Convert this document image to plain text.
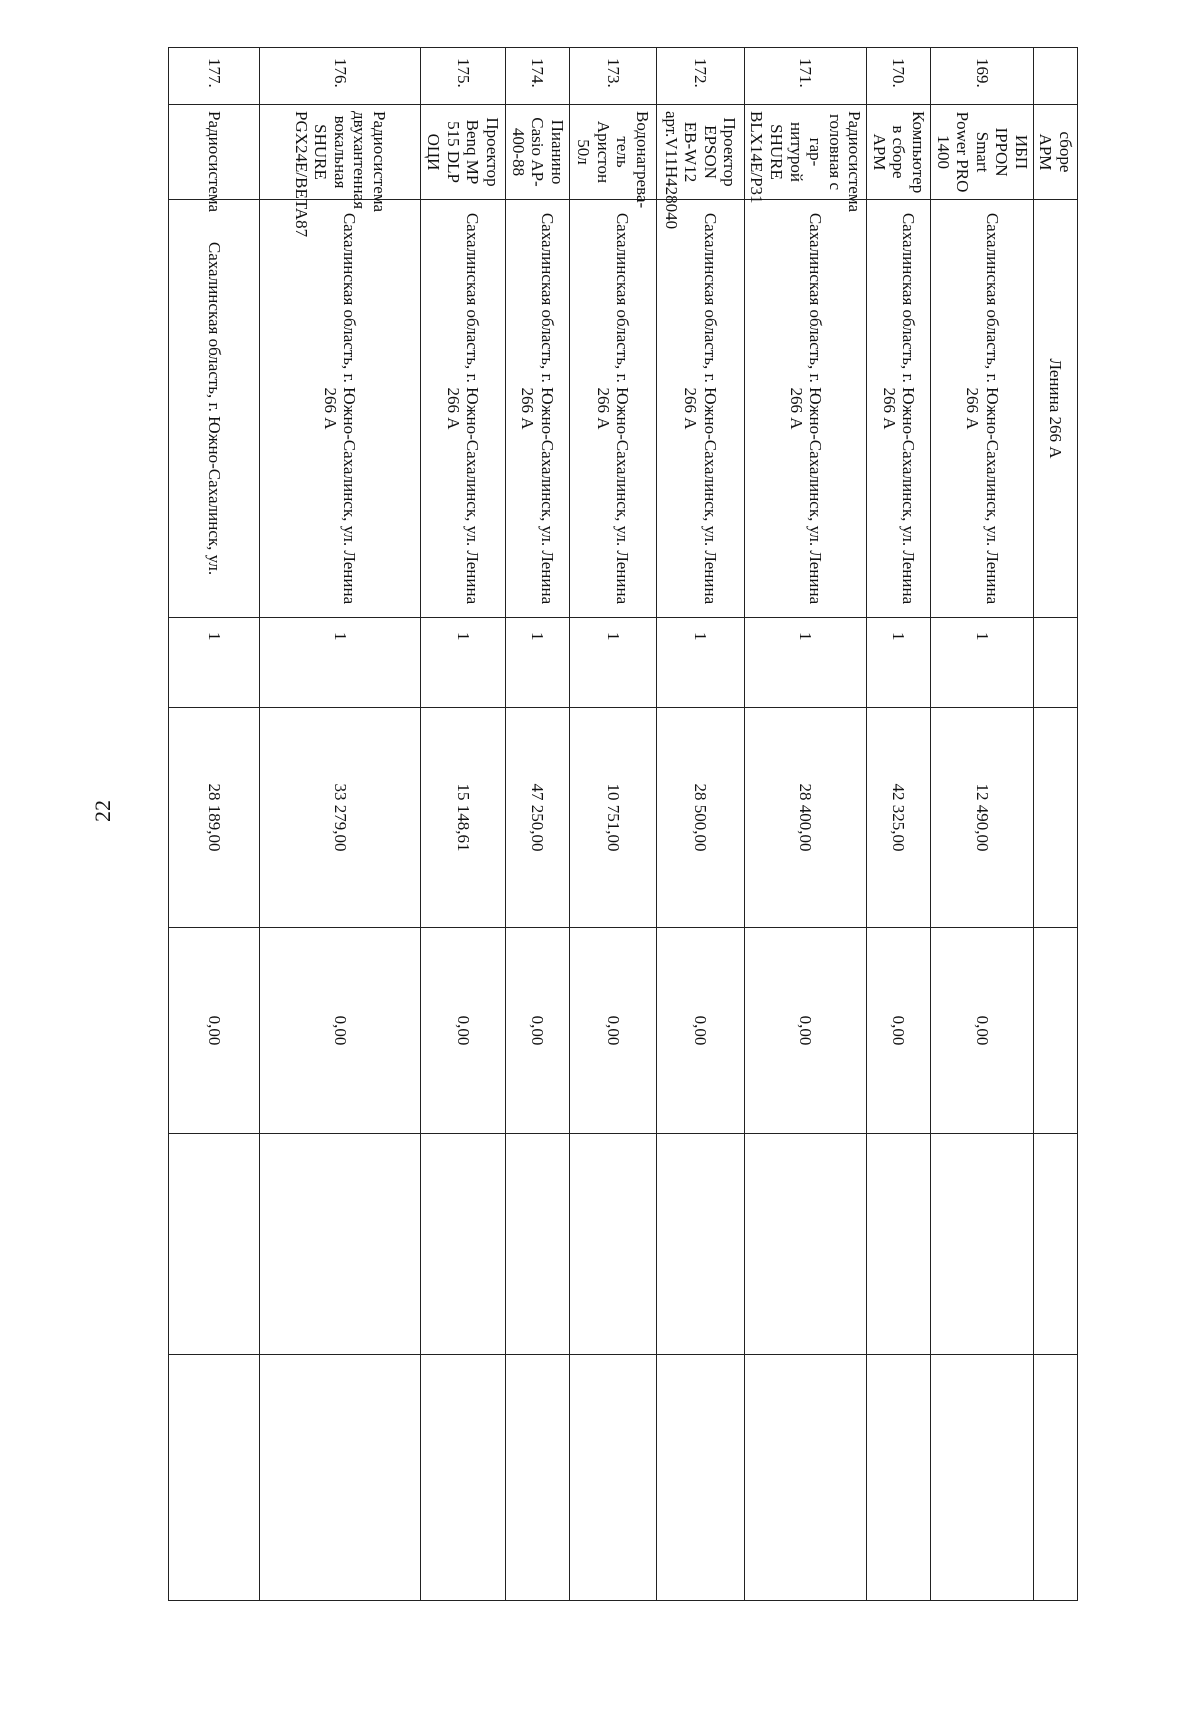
22
	сборе АРМ	Ленина 266 А					
169.	ИБП IPPON Smart Power PRO 1400	Сахалинская область, г. Южно-Сахалинск, ул. Ленина 266 А	1	12 490,00	0,00		
170.	Компьютер в сборе АРМ	Сахалинская область, г. Южно-Сахалинск, ул. Ленина 266 А	1	42 325,00	0,00		
171.	Радиосистема головная с гар-нитурой SHURE BLX14E/P31	Сахалинская область, г. Южно-Сахалинск, ул. Ленина 266 А	1	28 400,00	0,00		
172.	Проектор EPSON EB-W12 арт.V11H428040	Сахалинская область, г. Южно-Сахалинск, ул. Ленина 266 А	1	28 500,00	0,00		
173.	Водонагрева-тель Аристон 50л	Сахалинская область, г. Южно-Сахалинск, ул. Ленина 266 А	1	10 751,00	0,00		
174.	Пианино Casio AP-400-88	Сахалинская область, г. Южно-Сахалинск, ул. Ленина 266 А	1	47 250,00	0,00		
175.	Проектор Benq MP 515 DLP ОЦИ	Сахалинская область, г. Южно-Сахалинск, ул. Ленина 266 А	1	15 148,61	0,00		
176.	Радиосистема двухантенная вокальная SHURE PGX24E/BETA87	Сахалинская область, г. Южно-Сахалинск, ул. Ленина 266 А	1	33 279,00	0,00		
177.	Радиосистема	Сахалинская область, г. Южно-Сахалинск, ул.	1	28 189,00	0,00		
